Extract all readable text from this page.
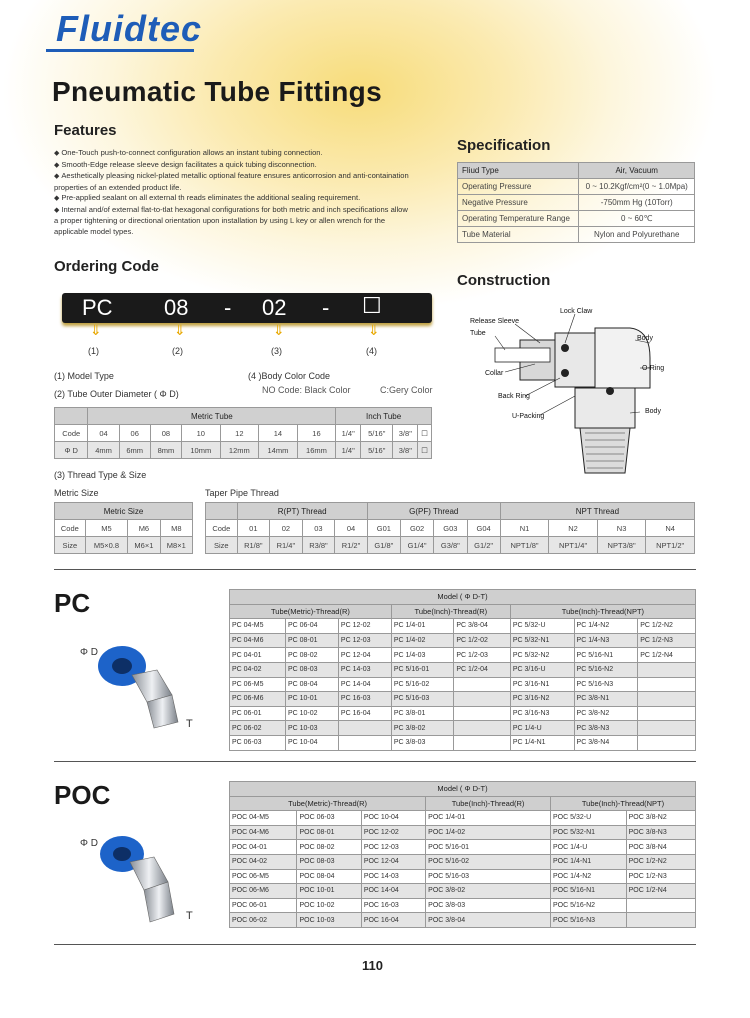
Fluidtec
Pneumatic Tube Fittings
Features

◆ One-Touch push-to-connect configuration allows an instant tubing connection.

◆ Smooth-Edge release sleeve design facilitates a quick tubing disconnection.

◆ Aesthetically pleasing nickel-plated metallic optional feature ensures anticorrosion and anti-containation properties of an extended product life.

◆ Pre-applied sealant on all external th reads eliminates the additional sealing requirement.

◆ Internal and/of external flat-to-tlat hexagonal configurations for both metric and inch specifications allow a proper tightening or directional orientation upon installation by using L key or allen wrench for the applicable model types.

Specification
Fliud Type	Air, Vacuum
Operating Pressure	0 ~ 10.2Kgf/cm²(0 ~ 1.0Mpa)
Negative Pressure	-750mm Hg (10Torr)
Operating Temperature Range	0 ~ 60℃
Tube Material	Nylon and Polyurethane
Ordering Code
PC 08 - 02 - ☐
⇓	⇓	⇓	⇓
(1)	(2)	(3)	(4)
(1) Model Type
(2) Tube Outer Diameter ( Φ D)
(4 )Body Color Code
NO Code: Black Color	C:Gery Color
	Metric Tube							Inch Tube			
Code	04	06	08	10	12	14	16	1/4"	5/16"	3/8"	☐
Φ D	4mm	6mm	8mm	10mm	12mm	14mm	16mm	1/4"	5/16"	3/8"	☐
(3) Thread Type & Size
Metric Size	Taper Pipe Thread
Metric Size			
Code	M5	M6	M8
Size	M5×0.8	M6×1	M8×1
	R(PT) Thread				G(PF) Thread				NPT Thread			
Code	01	02	03	04	G01	G02	G03	G04	N1	N2	N3	N4
Size	R1/8"	R1/4"	R3/8"	R1/2"	G1/8"	G1/4"	G3/8"	G1/2"	NPT1/8"	NPT1/4"	NPT3/8"	NPT1/2"
Construction
Lock Claw
Release Sleeve
Tube
Body
O-Ring
Collar
Back Ring
Body
U-Packing
PC
Φ D
T
Model ( Φ D-T)							
Tube(Metric)-Thread(R)			Tube(Inch)-Thread(R)		Tube(Inch)-Thread(NPT)		
PC 04-M5	PC 06-04	PC 12-02	PC 1/4-01	PC 3/8-04	PC 5/32-U	PC 1/4-N2	PC 1/2-N2
PC 04-M6	PC 08-01	PC 12-03	PC 1/4-02	PC 1/2-02	PC 5/32-N1	PC 1/4-N3	PC 1/2-N3
PC 04-01	PC 08-02	PC 12-04	PC 1/4-03	PC 1/2-03	PC 5/32-N2	PC 5/16-N1	PC 1/2-N4
PC 04-02	PC 08-03	PC 14-03	PC 5/16-01	PC 1/2-04	PC 3/16-U	PC 5/16-N2	
PC 06-M5	PC 08-04	PC 14-04	PC 5/16-02		PC 3/16-N1	PC 5/16-N3	
PC 06-M6	PC 10-01	PC 16-03	PC 5/16-03		PC 3/16-N2	PC 3/8-N1	
PC 06-01	PC 10-02	PC 16-04	PC 3/8-01		PC 3/16-N3	PC 3/8-N2	
PC 06-02	PC 10-03		PC 3/8-02		PC 1/4-U	PC 3/8-N3	
PC 06-03	PC 10-04		PC 3/8-03		PC 1/4-N1	PC 3/8-N4	
POC
Φ D
T
Model ( Φ D-T)					
Tube(Metric)-Thread(R)			Tube(Inch)-Thread(R)	Tube(Inch)-Thread(NPT)	
POC 04-M5	POC 06-03	POC 10-04	POC 1/4-01	POC 5/32-U	POC 3/8-N2
POC 04-M6	POC 08-01	POC 12-02	POC 1/4-02	POC 5/32-N1	POC 3/8-N3
POC 04-01	POC 08-02	POC 12-03	POC 5/16-01	POC 1/4-U	POC 3/8-N4
POC 04-02	POC 08-03	POC 12-04	POC 5/16-02	POC 1/4-N1	POC 1/2-N2
POC 06-M5	POC 08-04	POC 14-03	POC 5/16-03	POC 1/4-N2	POC 1/2-N3
POC 06-M6	POC 10-01	POC 14-04	POC 3/8-02	POC 5/16-N1	POC 1/2-N4
POC 06-01	POC 10-02	POC 16-03	POC 3/8-03	POC 5/16-N2	
POC 06-02	POC 10-03	POC 16-04	POC 3/8-04	POC 5/16-N3	
110
